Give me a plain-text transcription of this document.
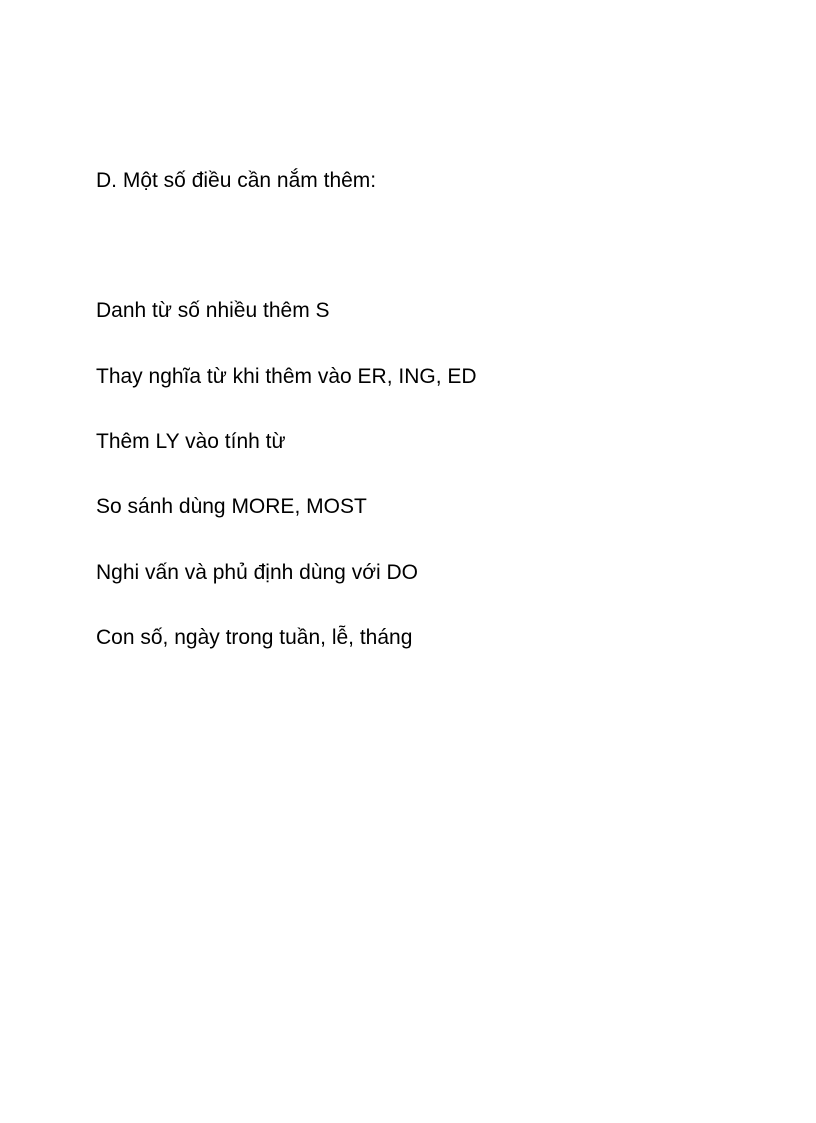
D. Một số điều cần nắm thêm:
Danh từ số nhiều thêm S
Thay nghĩa từ khi thêm vào ER, ING, ED
Thêm LY vào tính từ
So sánh dùng MORE, MOST
Nghi vấn và phủ định dùng với DO
Con số, ngày trong tuần, lễ, tháng
